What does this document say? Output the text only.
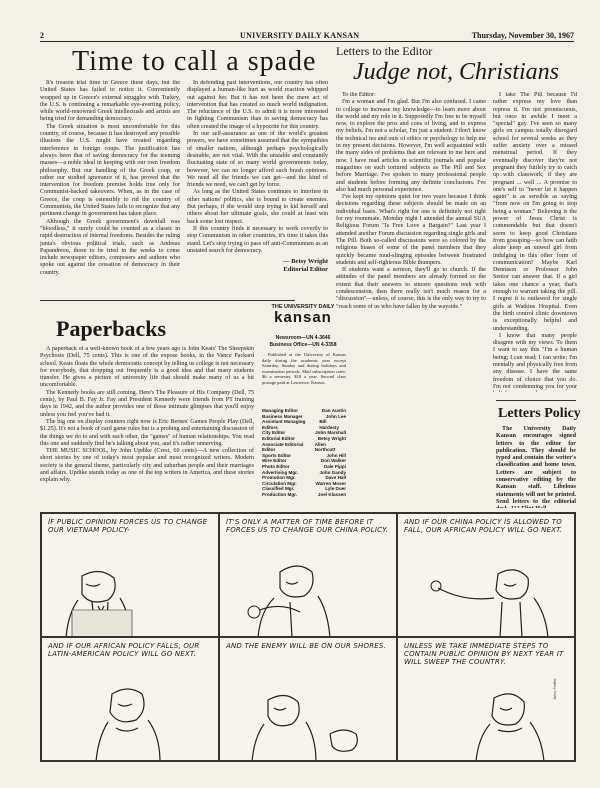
2	UNIVERSITY DAILY KANSAN	Thursday, November 30, 1967
Time to call a spade

It's treason trial time in Greece these days, but the United States has failed to notice it. Conveniently wrapped up in Greece's external struggles with Turkey, the U.S. is continuing a remarkable eye-averting policy, while world-renowned Greek intellectuals and artists are being tried for demanding democracy.

The Greek situation is most uncomfortable for this country, of course, because it has destroyed any possible illusions the U.S. might have created regarding interference in foreign coups. The justification has always been that of saving democracy for the teeming masses—a noble ideal in keeping with our own freedom philosophy. But our handling of the Greek coup, or rather our studied ignorance of it, has proved that the intervention for freedom premise holds true only for Communist-backed takeovers. When, as in the case of Greece, the coup is ostensibly to rid the country of Communists, the United States fails to recognize that any pertinent change in government has taken place.

Although the Greek government's downfall was "bloodless," it surely could be counted as a classic in rapid destruction of internal freedoms. Besides the ruling junta's obvious political trials, such as Andreas Papandreou, those to be tried in the weeks to come include newspaper editors, composers and authors who spoke out against the cessation of democracy in their country.

In defending past interventions, our country has often displayed a human-like hurt as world reaction whipped out against her. But it has not been the mere act of intervention that has created so much world indignation. The reluctance of the U.S. to admit it is more interested in fighting Communism than in saving democracy has often created the image of a hypocrite for this country.

In our self-assurance as one of the world's greatest powers, we have sometimes assumed that the sympathies of smaller nations, although perhaps psychologically desirable, are not vital. With the unstable and constantly fluctuating state of so many world governments today, however, we can no longer afford such brash opinions. We need all the friends we can get—and the kind of friends we need, we can't get by force.

As long as the United States continues to interfere in other nations' politics, she is bound to create enemies. But perhaps, if she would stop trying to kid herself and others about her ultimate goals, she could at least win back some lost respect.

If this country finds it necessary to work covertly to stop Communism in other countries, it's time it takes this stand. Let's stop trying to pass off anti-Communism as an unstated search for democracy.

— Betsy Wright
Editorial Editor
Letters to the Editor
Judge not, Christians

To the Editor:

I'm a woman and I'm glad. But I'm also confused. I came to college to increase my knowledge—to learn more about the world and my role in it. Supposedly I'm free to be myself now, to explore the pros and cons of living, and to express my beliefs. I'm not a scholar, I'm just a student. I don't know the technical ins and outs of ethics or psychology to help me in my present decisions. However, I'm well acquainted with the many sides of problems that are relevant to me here and now. I have read articles in scientific journals and popular magazines on such tortured subjects as The Pill and Sex before Marriage. I've spoken to many professional people and students before forming any definite conclusions. I've also had much personal experience.

I've kept my opinions quiet for two years because I think decisions regarding these subjects should be made on an individual basis. What's right for one is definitely not right for my roommate. Monday night I attended the annual SUA Religious Forum "Is Free Love a Bargain?" Last year I attended another Forum discussion regarding single girls and The Pill. Both so-called discussions were so colored by the religious biases of some of the panel members that they quickly became mud-slinging episodes between frustrated students and self-righteous Bible thumpers.

If students want a sermon, they'll go to church. If the attitudes of the panel members are already formed so the extent that their answers to sincere questions reek with condescension, then there really isn't much reason for a "discussion"—unless, of course, this is the only way to try to "reach some of us who have fallen by the wayside."

I take The Pill because I'd rather express my love than repress it. I'm not promiscuous, but once in awhile I meet a "special" guy. I've seen so many girls on campus totally disregard school for several weeks as they suffer anxiety over a missed menstrual period. If they eventually discover they're not pregnant they futilely try to catch up with classwork; if they are pregnant ... well ... A promise to one's self to "never let it happen again" is as sensible as saying "from now on I'm going to stop being a woman." Believing is the power of Jesus Christ is commendable but that doesn't seem to keep good Christians from gossiping—so how can faith alone keep an unwed girl from indulging in this other form of communication? Maybe Karl Dennison or Professor John Senior can answer that. If a girl takes one chance a year, that's enough to warrant taking the pill. I regret it is outlawed for single girls at Watkins Hospital. Even the birth control clinic downtown is exceptionally helpful and understanding.

I know that many people disagree with my views. To them I want to say this "I'm a human being; I can read; I can write; I'm mentally and physically free from any disease. I have the same freedom of choice that you do. I'm not condemning you for your

Letters Policy

The University Daily Kansan encourages signed letters to the editor for publication. They should be typed and contain the writer's classification and home town. Letters are subject to conservative editing by the Kansan staff. Libelous statements will not be printed. Send letters to the editorial

Paperbacks

A paperback of a well-known book of a few years ago is John Keats' The Sheepskin Psychosis (Dell, 75 cents). This is one of the expose books, in the Vance Packard school. Keats floats the whole democratic concept by telling us college is not necessary for everybody, that dropping out frequently is a good idea and that many students transfer. He gives a picture of university life that should make many of us a bit uncomfortable.

The Kennedy books are still coming. Here's The Pleasure of His Company (Dell, 75 cents), by Paul B. Fay Jr. Fay and President Kennedy were friends from PT training days in 1942, and the author provides one of those intimate glimpses that you'll enjoy unless you feel you've had it.

The big one on display counters right now is Eric Bernes' Games People Play (Dell, $1.25). It's not a book of card game rules but is a probing and entertaining discussion of the things we do to and with each other, the "games" of human relationships. You read this one and suddenly find he's talking about you, and it's rather unnerving.

THE MUSIC SCHOOL, by John Updike (Crest, 60 cents)—A new collection of short stories by one of today's most popular and most recognized writers. Modern society is the general theme, particularly city and suburban people and their marriages and affairs. Updike stands today as one of the top writers in America, and these stories explain why.

THE UNIVERSITY DAILY
kansan
Newsroom—UN 4-3646
Business Office—UN 4-3358

Published at the University of Kansas daily during the academic year except Saturday, Sunday and during holidays and examination periods. Mail subscription rates: $6 a semester, $10 a year. Second class postage paid at Lawrence, Kansas.

Managing Editor	Dan Austin
Business Manager	John Lee
Assistant Managing Editors
Bill Hardesty
City Editor	John Marshall
Editorial Editor	Betsy Wright
Associate Editorial Editor
Allen Northcutt
Sports Editor	John Hill
Wire Editor	Don Walker
Photo Editor	Dale Pippi
Advertising Mgr.	John Gandy
Promotion Mgr.	Dave Hall
Circulation Mgr.	Warren Moser
Classified Mgr.	Lyle Duer
Production Mgr.	Joel Klassen
IF PUBLIC OPINION FORCES US TO CHANGE OUR VIETNAM POLICY-
IT'S ONLY A MATTER OF TIME BEFORE IT FORCES US TO CHANGE OUR CHINA POLICY.
AND IF OUR CHINA POLICY IS ALLOWED TO FALL, OUR AFRICAN POLICY WILL GO NEXT.
AND IF OUR AFRICAN POLICY FALLS, OUR LATIN-AMERICAN POLICY WILL GO NEXT.
AND THE ENEMY WILL BE ON OUR SHORES.	UNLESS WE TAKE IMMEDIATE STEPS TO CONTAIN PUBLIC OPINION BY NEXT YEAR IT WILL SWEEP THE COUNTRY.
Jules Feiffer
